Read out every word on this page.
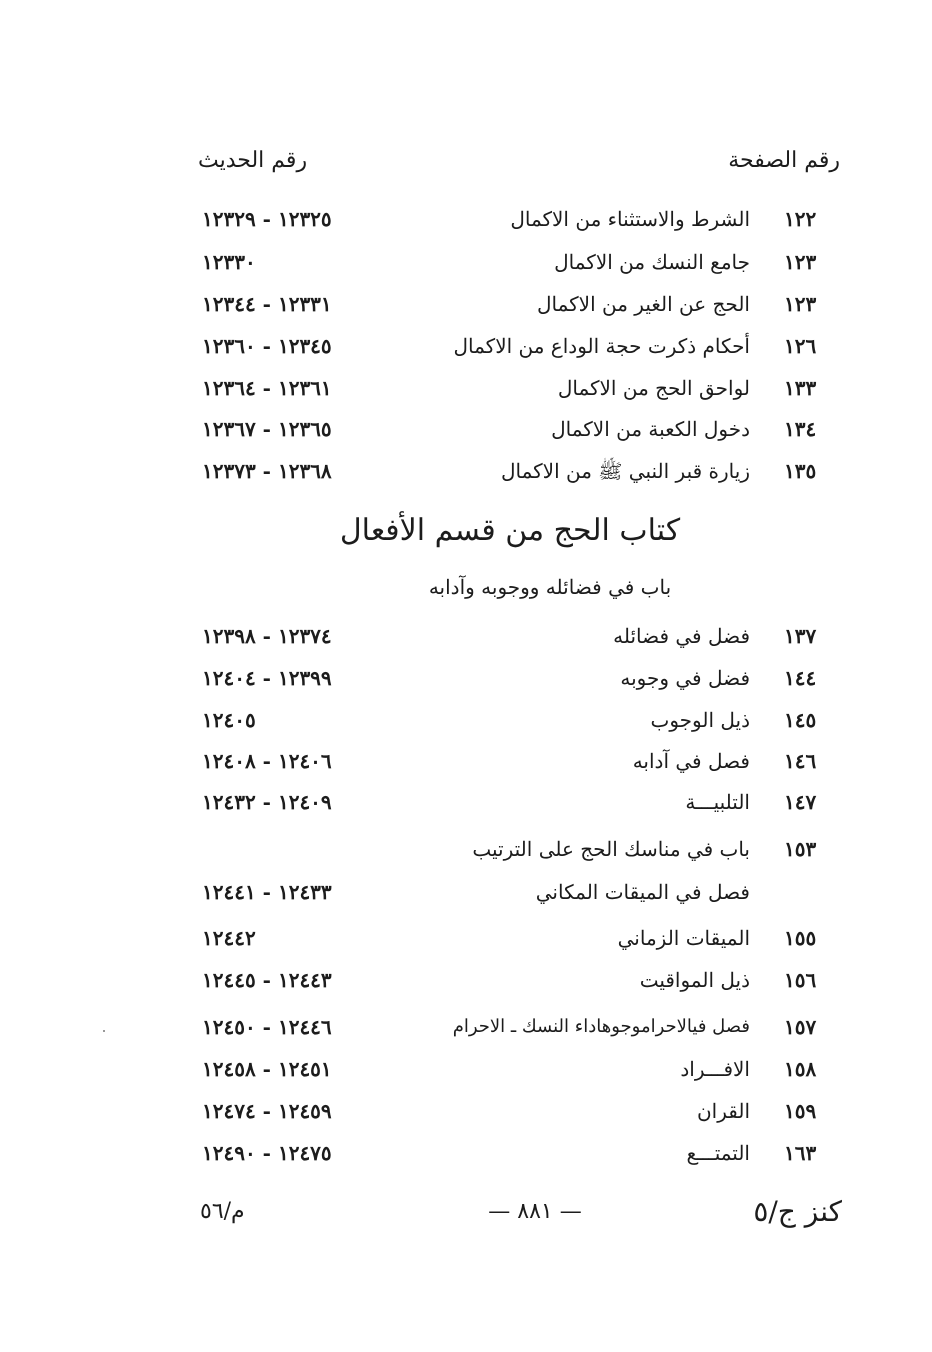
رقم الصفحة
رقم الحديث
١٢٢
الشرط والاستثناء من الاكمال
١٢٣٢٥ - ١٢٣٢٩
١٢٣
جامع النسك من الاكمال
١٢٣٣٠
١٢٣
الحج عن الغير من الاكمال
١٢٣٣١ - ١٢٣٤٤
١٢٦
أحكام ذكرت حجة الوداع من الاكمال
١٢٣٤٥ - ١٢٣٦٠
١٣٣
لواحق الحج من الاكمال
١٢٣٦١ - ١٢٣٦٤
١٣٤
دخول الكعبة من الاكمال
١٢٣٦٥ - ١٢٣٦٧
١٣٥
زيارة قبر النبي ﷺ من الاكمال
١٢٣٦٨ - ١٢٣٧٣
كتاب الحج من قسم الأفعال
باب في فضائله ووجوبه وآدابه
١٣٧
فضل في فضائله
١٢٣٧٤ - ١٢٣٩٨
١٤٤
فضل في وجوبه
١٢٣٩٩ - ١٢٤٠٤
١٤٥
ذيل الوجوب
١٢٤٠٥
١٤٦
فصل في آدابه
١٢٤٠٦ - ١٢٤٠٨
١٤٧
التلبيـــة
١٢٤٠٩ - ١٢٤٣٢
١٥٣
باب في مناسك الحج على الترتيب
فصل في الميقات المكاني
١٢٤٣٣ - ١٢٤٤١
١٥٥
الميقات الزماني
١٢٤٤٢
١٥٦
ذيل المواقيت
١٢٤٤٣ - ١٢٤٤٥
١٥٧
فصل فيالاحراموجوهاداء النسك ـ الاحرام
١٢٤٤٦ - ١٢٤٥٠
١٥٨
الافـــراد
١٢٤٥١ - ١٢٤٥٨
١٥٩
القران
١٢٤٥٩ - ١٢٤٧٤
١٦٣
التمتـــع
١٢٤٧٥ - ١٢٤٩٠
كنز ج/٥
— ٨٨١ —
م/٥٦
